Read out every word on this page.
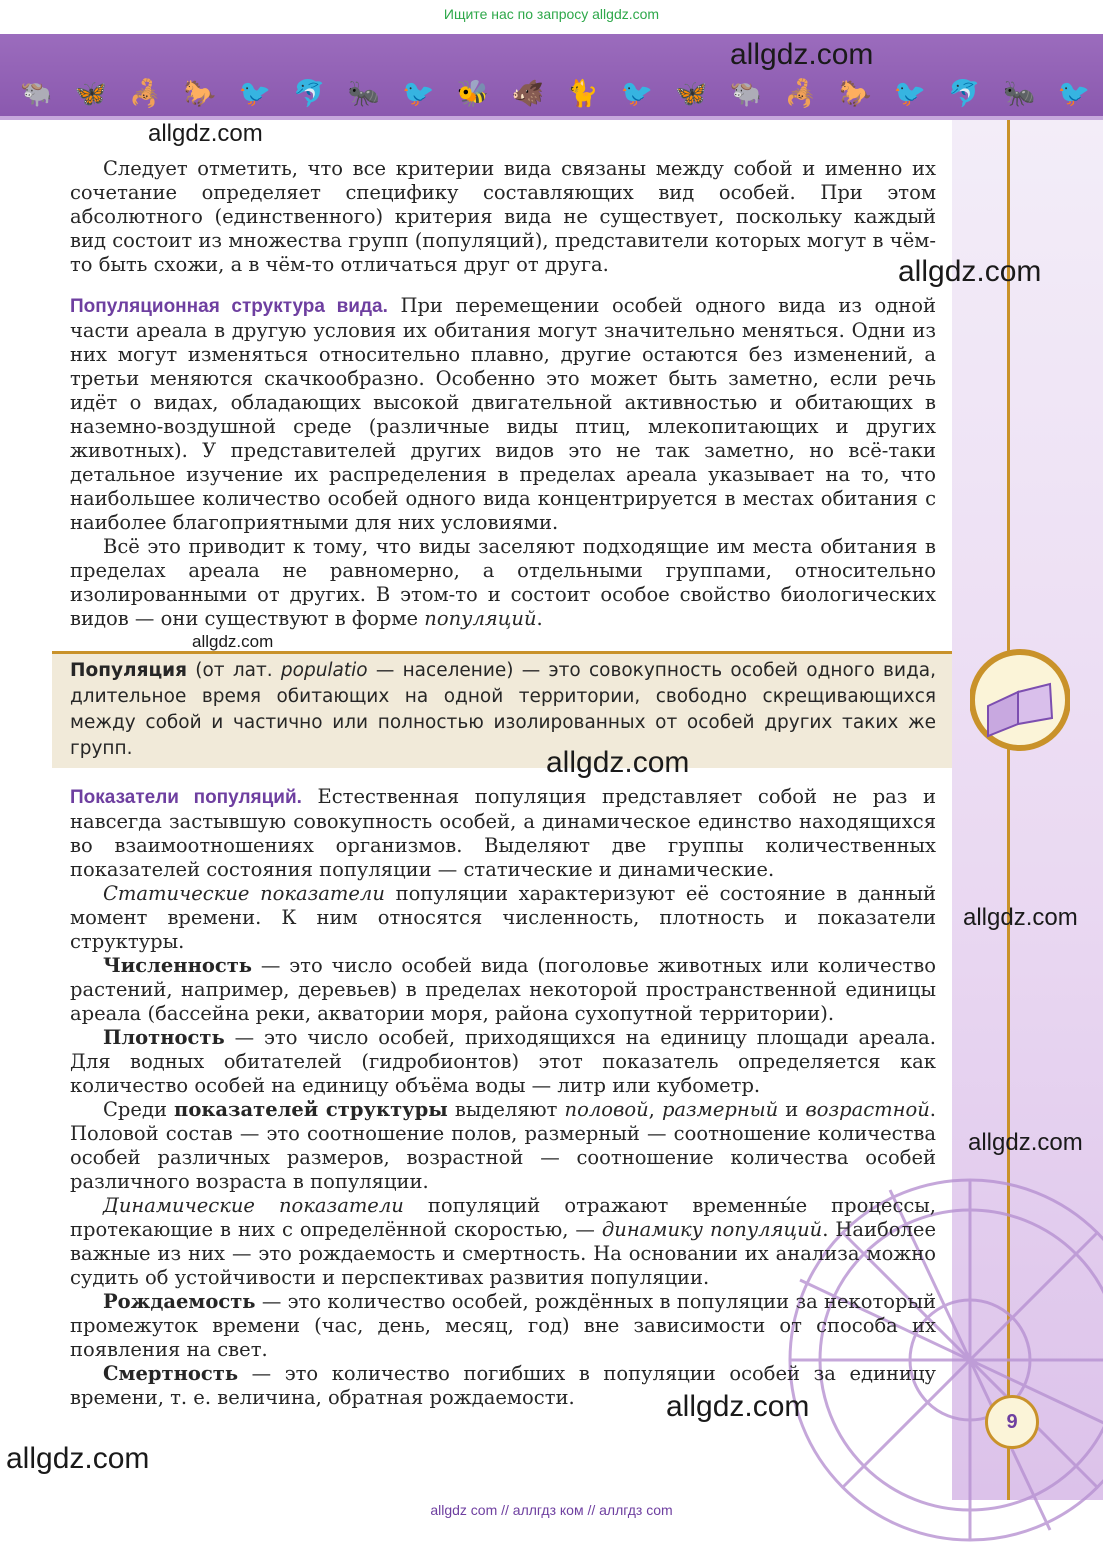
Ищите нас по запросу allgdz.com
🐃 🦋 🦂 🐎 🐦 🐬 🐜 🐦 🐝 🐗 🐈 🐦 🦋 🐃 🦂 🐎 🐦 🐬 🐜 🐦

Следует отметить, что все критерии вида связаны между собой и именно их сочетание определяет специфику составляющих вид особей. При этом абсолютного (единственного) критерия вида не существует, поскольку каждый вид состоит из множества групп (популяций), представители которых могут в чём-то быть схожи, а в чём-то отличаться друг от друга.

Популяционная структура вида. При перемещении особей одного вида из одной части ареала в другую условия их обитания могут значительно меняться. Одни из них могут изменяться относительно плавно, другие остаются без изменений, а третьи меняются скачкообразно. Особенно это может быть заметно, если речь идёт о видах, обладающих высокой двигательной активностью и обитающих в наземно-воздушной среде (различные виды птиц, млекопитающих и других животных). У представителей других видов это не так заметно, но всё-таки детальное изучение их распределения в пределах ареала указывает на то, что наибольшее количество особей одного вида концентрируется в местах обитания с наиболее благоприятными для них условиями.

Всё это приводит к тому, что виды заселяют подходящие им места обитания в пределах ареала не равномерно, а отдельными группами, относительно изолированными от других. В этом-то и состоит особое свойство биологических видов — они существуют в форме популяций.

Популяция (от лат. populatio — население) — это совокупность особей одного вида, длительное время обитающих на одной территории, свободно скрещивающихся между собой и частично или полностью изолированных от особей других таких же групп.

Показатели популяций. Естественная популяция представляет собой не раз и навсегда застывшую совокупность особей, а динамическое единство находящихся во взаимоотношениях организмов. Выделяют две группы количественных показателей состояния популяции — статические и динамические.

Статические показатели популяции характеризуют её состояние в данный момент времени. К ним относятся численность, плотность и показатели структуры.

Численность — это число особей вида (поголовье животных или количество растений, например, деревьев) в пределах некоторой пространственной единицы ареала (бассейна реки, акватории моря, района сухопутной территории).

Плотность — это число особей, приходящихся на единицу площади ареала. Для водных обитателей (гидробионтов) этот показатель определяется как количество особей на единицу объёма воды — литр или кубометр.

Среди показателей структуры выделяют половой, размерный и возрастной. Половой состав — это соотношение полов, размерный — соотношение количества особей различных размеров, возрастной — соотношение количества особей различного возраста в популяции.

Динамические показатели популяций отражают временны́е процессы, протекающие в них с определённой скоростью, — динамику популяций. Наиболее важные из них — это рождаемость и смертность. На основании их анализа можно судить об устойчивости и перспективах развития популяции.

Рождаемость — это количество особей, рождённых в популяции за некоторый промежуток времени (час, день, месяц, год) вне зависимости от способа их появления на свет.

Смертность — это количество погибших в популяции особей за единицу времени, т. е. величина, обратная рождаемости.

9
allgdz.com
allgdz.com
allgdz.com
allgdz.com
allgdz.com
allgdz.com
allgdz.com
allgdz.com
allgdz.com
allgdz com // аллгдз ком // аллгдз com
